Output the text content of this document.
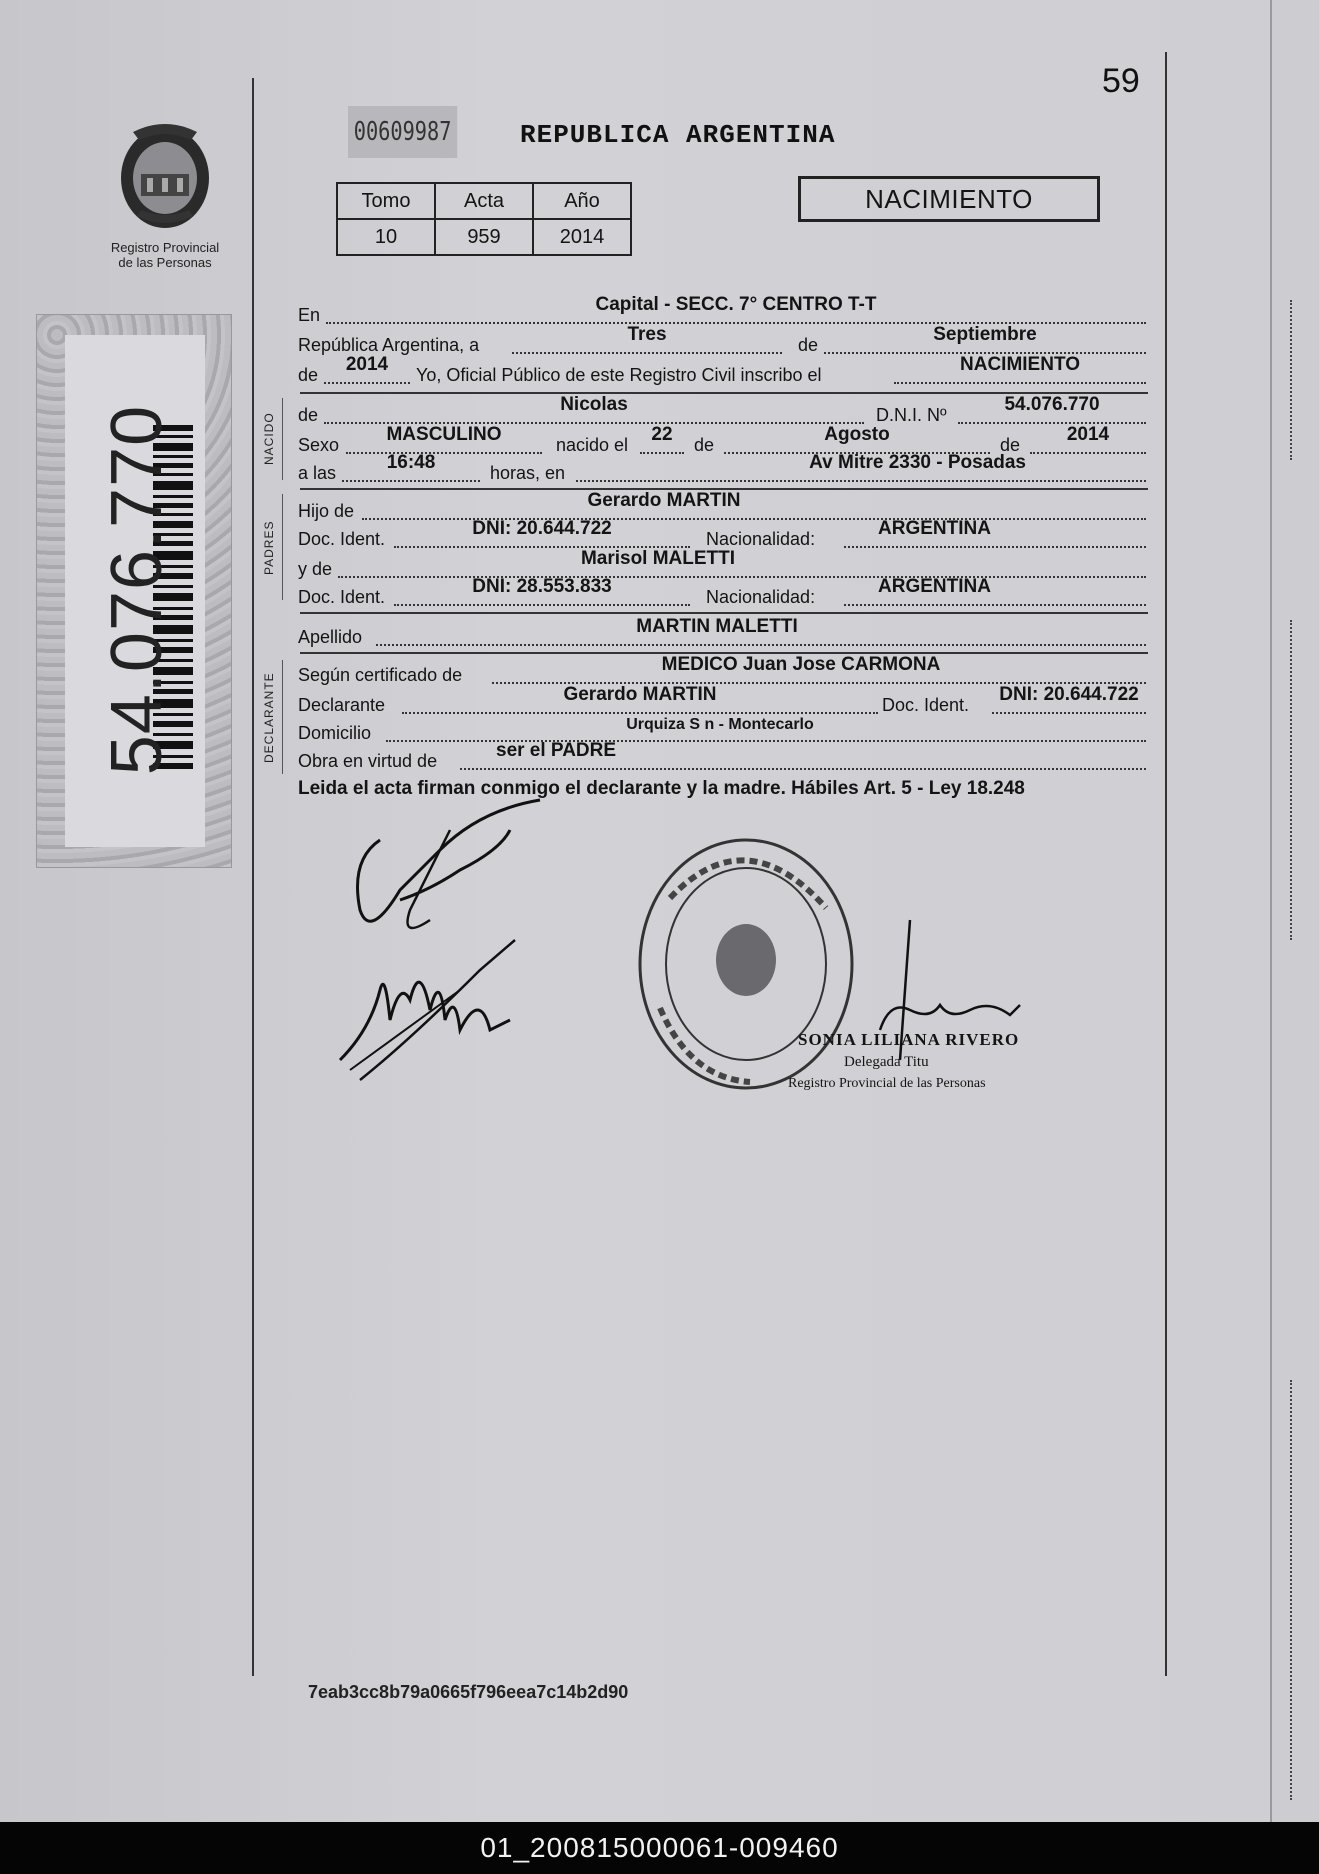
Registro Provincial
de las Personas
54.076.770
59
00609987	REPUBLICA ARGENTINA
Tomo	Acta	Año
10	959	2014
NACIMIENTO
En	Capital - SECC. 7° CENTRO T-T
República Argentina, a	Tres	de	Septiembre
de	2014	Yo, Oficial Público de este Registro Civil inscribo el	NACIMIENTO
NACIDO	de	Nicolas	D.N.I. Nº	54.076.770
Sexo	MASCULINO	nacido el	22	de	Agosto	de	2014
a las	16:48	horas, en	Av Mitre 2330 - Posadas
PADRES
Hijo de	Gerardo MARTIN
Doc. Ident.	DNI: 20.644.722	Nacionalidad:	ARGENTINA
y de	Marisol MALETTI
Doc. Ident.	DNI: 28.553.833	Nacionalidad:	ARGENTINA
Apellido	MARTIN MALETTI
DECLARANTE	Según certificado de	MEDICO Juan Jose CARMONA
Declarante	Gerardo MARTIN	Doc. Ident.	DNI: 20.644.722
Domicilio	Urquiza S n - Montecarlo
Obra en virtud de	ser el PADRE
Leida el acta firman conmigo el declarante y la madre. Hábiles Art. 5 - Ley 18.248
SONIA LILIANA RIVERO
Delegada Titu
Registro Provincial de las Personas
7eab3cc8b79a0665f796eea7c14b2d90
01_200815000061-009460
